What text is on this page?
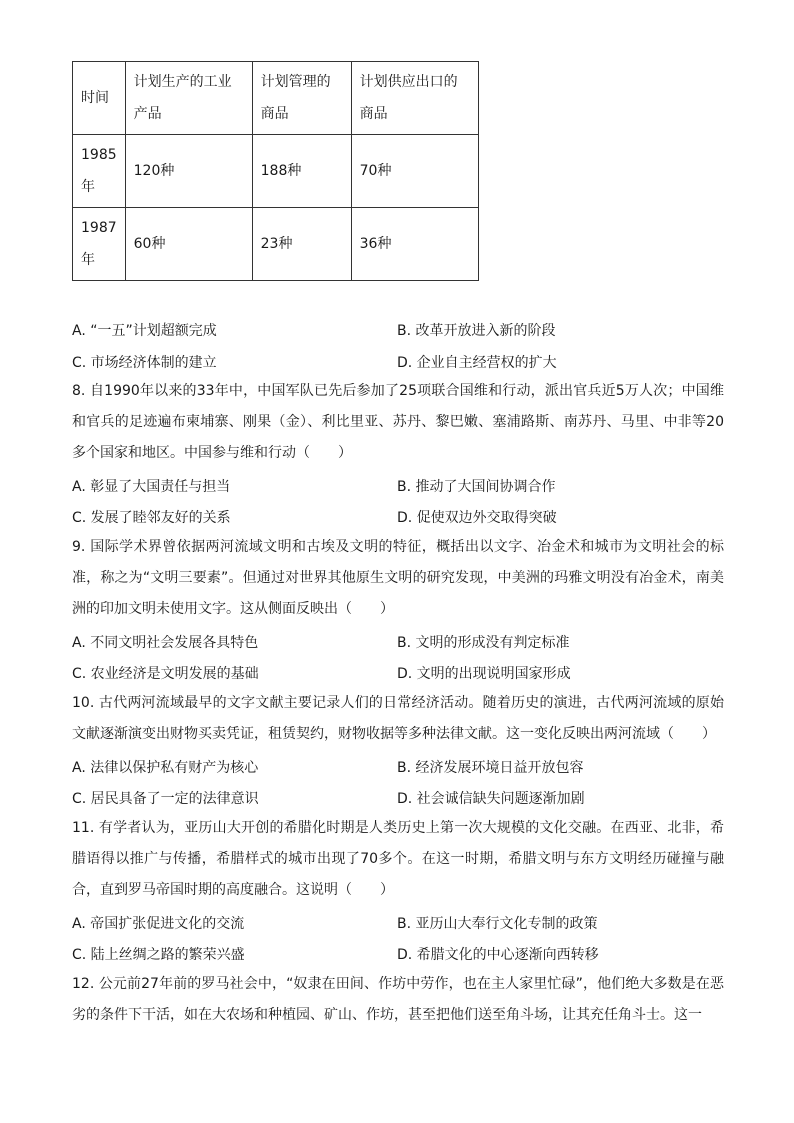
时间	计划生产的工业产品	计划管理的商品	计划供应出口的商品
1985年	120种	188种	70种
1987年	60种	23种	36种
A. “一五”计划超额完成	B. 改革开放进入新的阶段
C. 市场经济体制的建立	D. 企业自主经营权的扩大
8. 自1990年以来的33年中，中国军队已先后参加了25项联合国维和行动，派出官兵近5万人次；中国维和官兵的足迹遍布柬埔寨、刚果（金）、利比里亚、苏丹、黎巴嫩、塞浦路斯、南苏丹、马里、中非等20多个国家和地区。中国参与维和行动（　　）
A. 彰显了大国责任与担当	B. 推动了大国间协调合作
C. 发展了睦邻友好的关系	D. 促使双边外交取得突破
9. 国际学术界曾依据两河流域文明和古埃及文明的特征，概括出以文字、冶金术和城市为文明社会的标准，称之为“文明三要素”。但通过对世界其他原生文明的研究发现，中美洲的玛雅文明没有冶金术，南美洲的印加文明未使用文字。这从侧面反映出（　　）
A. 不同文明社会发展各具特色	B. 文明的形成没有判定标准
C. 农业经济是文明发展的基础	D. 文明的出现说明国家形成
10. 古代两河流域最早的文字文献主要记录人们的日常经济活动。随着历史的演进，古代两河流域的原始文献逐渐演变出财物买卖凭证，租赁契约，财物收据等多种法律文献。这一变化反映出两河流域（　　）
A. 法律以保护私有财产为核心	B. 经济发展环境日益开放包容
C. 居民具备了一定的法律意识	D. 社会诚信缺失问题逐渐加剧
11. 有学者认为，亚历山大开创的希腊化时期是人类历史上第一次大规模的文化交融。在西亚、北非，希腊语得以推广与传播，希腊样式的城市出现了70多个。在这一时期，希腊文明与东方文明经历碰撞与融合，直到罗马帝国时期的高度融合。这说明（　　）
A. 帝国扩张促进文化的交流	B. 亚历山大奉行文化专制的政策
C. 陆上丝绸之路的繁荣兴盛	D. 希腊文化的中心逐渐向西转移
12. 公元前27年前的罗马社会中，“奴隶在田间、作坊中劳作，也在主人家里忙碌”，他们绝大多数是在恶劣的条件下干活，如在大农场和种植园、矿山、作坊，甚至把他们送至角斗场，让其充任角斗士。这一
